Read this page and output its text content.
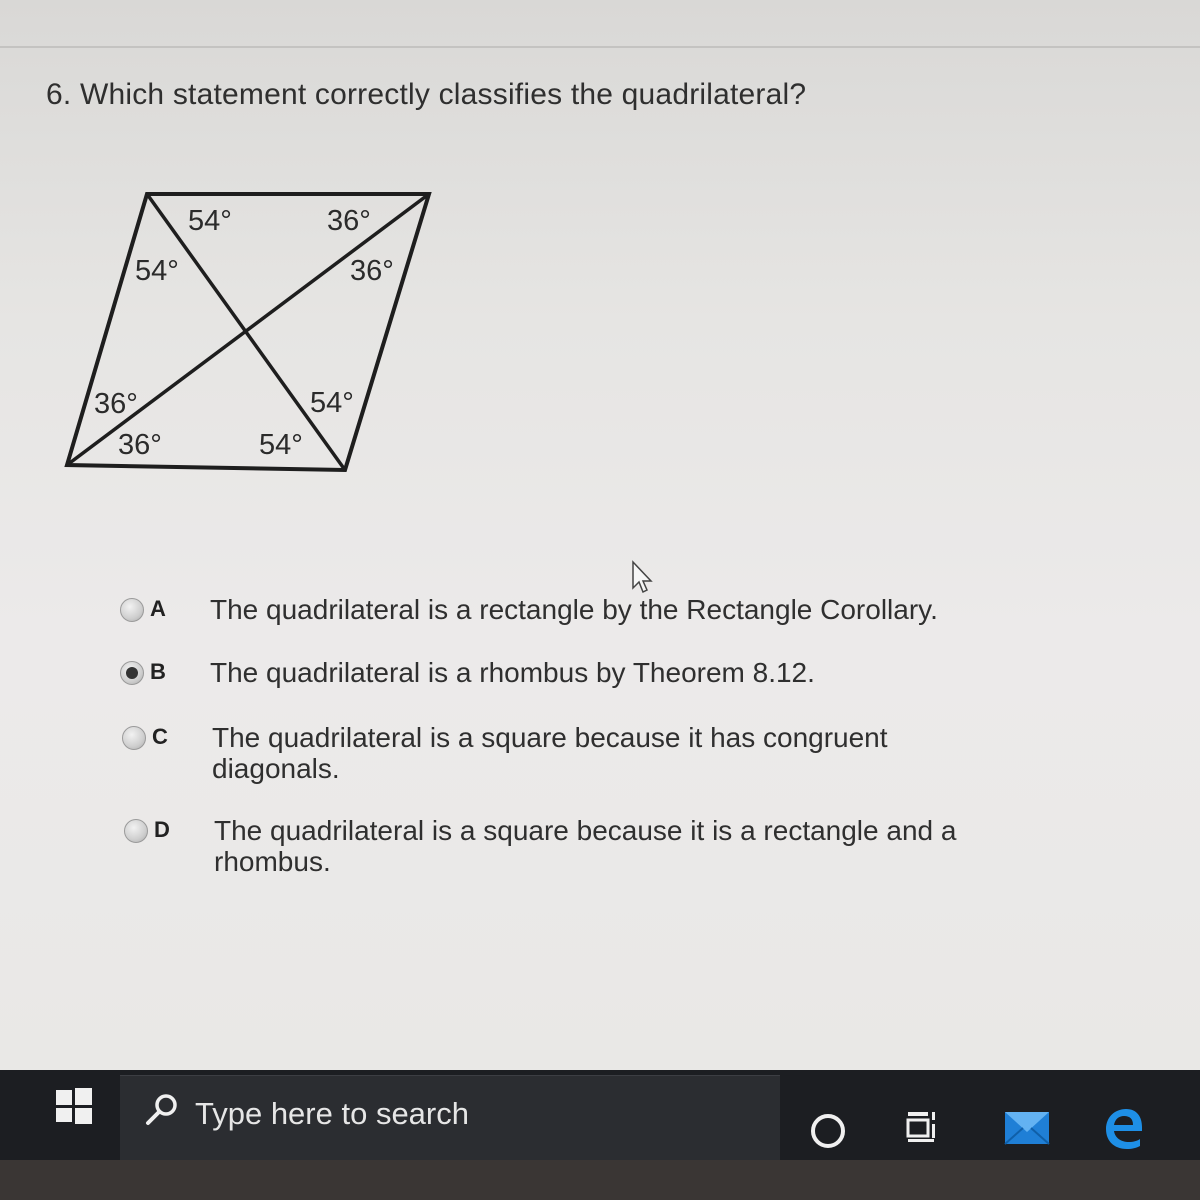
6. Which statement correctly classifies the quadrilateral?
54°	36°
54°	36°
36°	54°
36°	54°
A	The quadrilateral is a rectangle by the Rectangle Corollary.
B	The quadrilateral is a rhombus by Theorem 8.12.
C	The quadrilateral is a square because it has congruent diagonals.
D	The quadrilateral is a square because it is a rectangle and a rhombus.
Type here to search
